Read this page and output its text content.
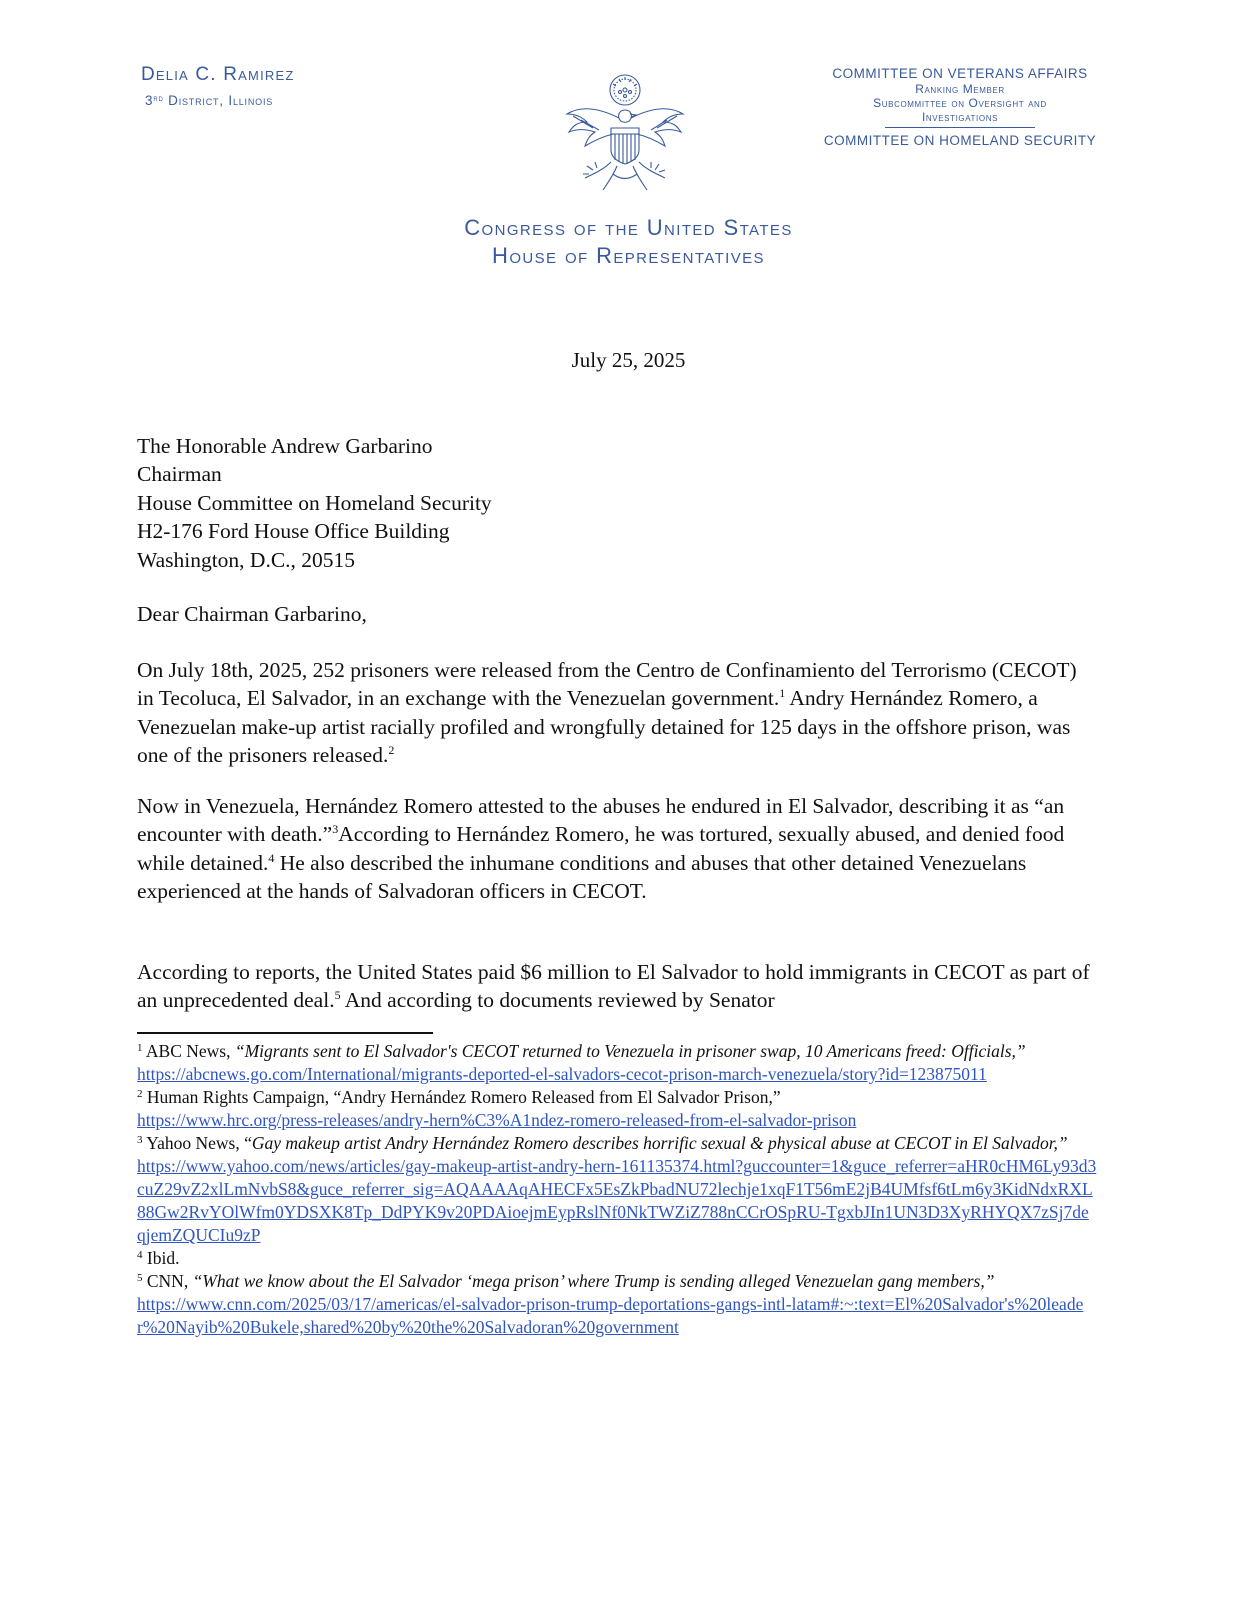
Delia C. Ramirez
3rd District, Illinois
COMMITTEE ON VETERANS AFFAIRS
Ranking Member
Subcommittee on Oversight and
Investigations
COMMITTEE ON HOMELAND SECURITY
Congress of the United States
House of Representatives
July 25, 2025
The Honorable Andrew Garbarino
Chairman
House Committee on Homeland Security
H2-176 Ford House Office Building
Washington, D.C., 20515
Dear Chairman Garbarino,
On July 18th, 2025, 252 prisoners were released from the Centro de Confinamiento del Terrorismo (CECOT) in Tecoluca, El Salvador, in an exchange with the Venezuelan government.$^1$ Andry Hernández Romero, a Venezuelan make-up artist racially profiled and wrongfully detained for 125 days in the offshore prison, was one of the prisoners released.$^2$
Now in Venezuela, Hernández Romero attested to the abuses he endured in El Salvador, describing it as “an encounter with death.”$^3$According to Hernández Romero, he was tortured, sexually abused, and denied food while detained.$^4$ He also described the inhumane conditions and abuses that other detained Venezuelans experienced at the hands of Salvadoran officers in CECOT.
According to reports, the United States paid $6 million to El Salvador to hold immigrants in CECOT as part of an unprecedented deal.$^5$ And according to documents reviewed by Senator
$^1$ ABC News, “Migrants sent to El Salvador's CECOT returned to Venezuela in prisoner swap, 10 Americans freed: Officials,”
https://abcnews.go.com/International/migrants-deported-el-salvadors-cecot-prison-march-venezuela/story?id=123875011
$^2$ Human Rights Campaign, “Andry Hernández Romero Released from El Salvador Prison,”
https://www.hrc.org/press-releases/andry-hern%C3%A1ndez-romero-released-from-el-salvador-prison
$^3$ Yahoo News, “Gay makeup artist Andry Hernández Romero describes horrific sexual & physical abuse at CECOT in El Salvador,”
https://www.yahoo.com/news/articles/gay-makeup-artist-andry-hern-161135374.html?guccounter=1&guce_referrer=aHR0cHM6Ly93d3cuZ29vZ2xlLmNvbS8&guce_referrer_sig=AQAAAAqAHECFx5EsZkPbadNU72lechje1xqF1T56mE2jB4UMfsf6tLm6y3KidNdxRXL88Gw2RvYOlWfm0YDSXK8Tp_DdPYK9v20PDAioejmEypRslNf0NkTWZiZ788nCCrOSpRU-TgxbJIn1UN3D3XyRHYQX7zSj7deqjemZQUCIu9zP
$^4$ Ibid.
$^5$ CNN, “What we know about the El Salvador ‘mega prison’ where Trump is sending alleged Venezuelan gang members,”
https://www.cnn.com/2025/03/17/americas/el-salvador-prison-trump-deportations-gangs-intl-latam#:~:text=El%20Salvador's%20leader%20Nayib%20Bukele,shared%20by%20the%20Salvadoran%20government
